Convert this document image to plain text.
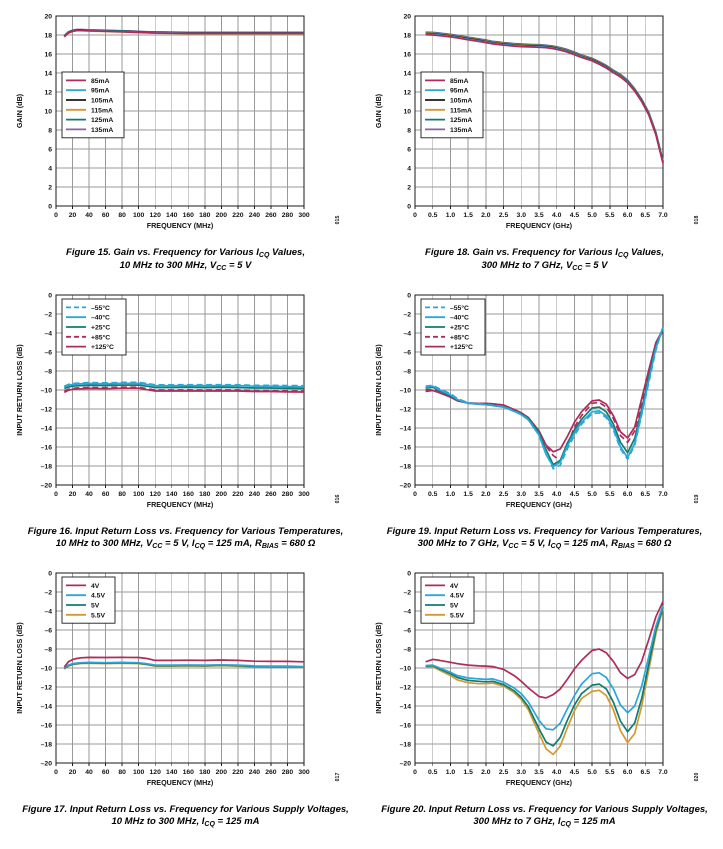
0 20 40 60 80 100 120 140 160 180 200 220 240 260 280 300
0
2
4
6
8
10
12
14
16
18
20
FREQUENCY (MHz)
GAIN (dB)
85mA
95mA
105mA
115mA
125mA
135mA
015
Figure 15. Gain vs. Frequency for Various ICQ Values,
10 MHz to 300 MHz, VCC = 5 V
0 0.5 1.0 1.5 2.0 2.5 3.0 3.5 4.0 4.5 5.0 5.5 6.0 6.5 7.0
0
2
4
6
8
10
12
14
16
18
20
FREQUENCY (GHz)
GAIN (dB)
85mA
95mA
105mA
115mA
125mA
135mA
018
Figure 18. Gain vs. Frequency for Various ICQ Values,
300 MHz to 7 GHz, VCC = 5 V
0 20 40 60 80 100 120 140 160 180 200 220 240 260 280 300
0
–2
–4
–6
–8
–10
–12
–14
–16
–18
–20
FREQUENCY (MHz)
INPUT RETURN LOSS (dB)
–55°C
–40°C
+25°C
+85°C
+125°C
016
Figure 16. Input Return Loss vs. Frequency for Various Temperatures,
10 MHz to 300 MHz, VCC = 5 V, ICQ = 125 mA, RBIAS = 680 Ω
0 0.5 1.0 1.5 2.0 2.5 3.0 3.5 4.0 4.5 5.0 5.5 6.0 6.5 7.0
0
–2
–4
–6
–8
–10
–12
–14
–16
–18
–20
FREQUENCY (GHz)
INPUT RETURN LOSS (dB)
–55°C
–40°C
+25°C
+85°C
+125°C
019
Figure 19. Input Return Loss vs. Frequency for Various Temperatures,
300 MHz to 7 GHz, VCC = 5 V, ICQ = 125 mA, RBIAS = 680 Ω
0 20 40 60 80 100 120 140 160 180 200 220 240 260 280 300
0
–2
–4
–6
–8
–10
–12
–14
–16
–18
–20
FREQUENCY (MHz)
INPUT RETURN LOSS (dB)
4V
4.5V
5V
5.5V
017
Figure 17. Input Return Loss vs. Frequency for Various Supply Voltages,
10 MHz to 300 MHz, ICQ = 125 mA
0 0.5 1.0 1.5 2.0 2.5 3.0 3.5 4.0 4.5 5.0 5.5 6.0 6.5 7.0
0
–2
–4
–6
–8
–10
–12
–14
–16
–18
–20
FREQUENCY (GHz)
INPUT RETURN LOSS (dB)
4V
4.5V
5V
5.5V
020
Figure 20. Input Return Loss vs. Frequency for Various Supply Voltages,
300 MHz to 7 GHz, ICQ = 125 mA
